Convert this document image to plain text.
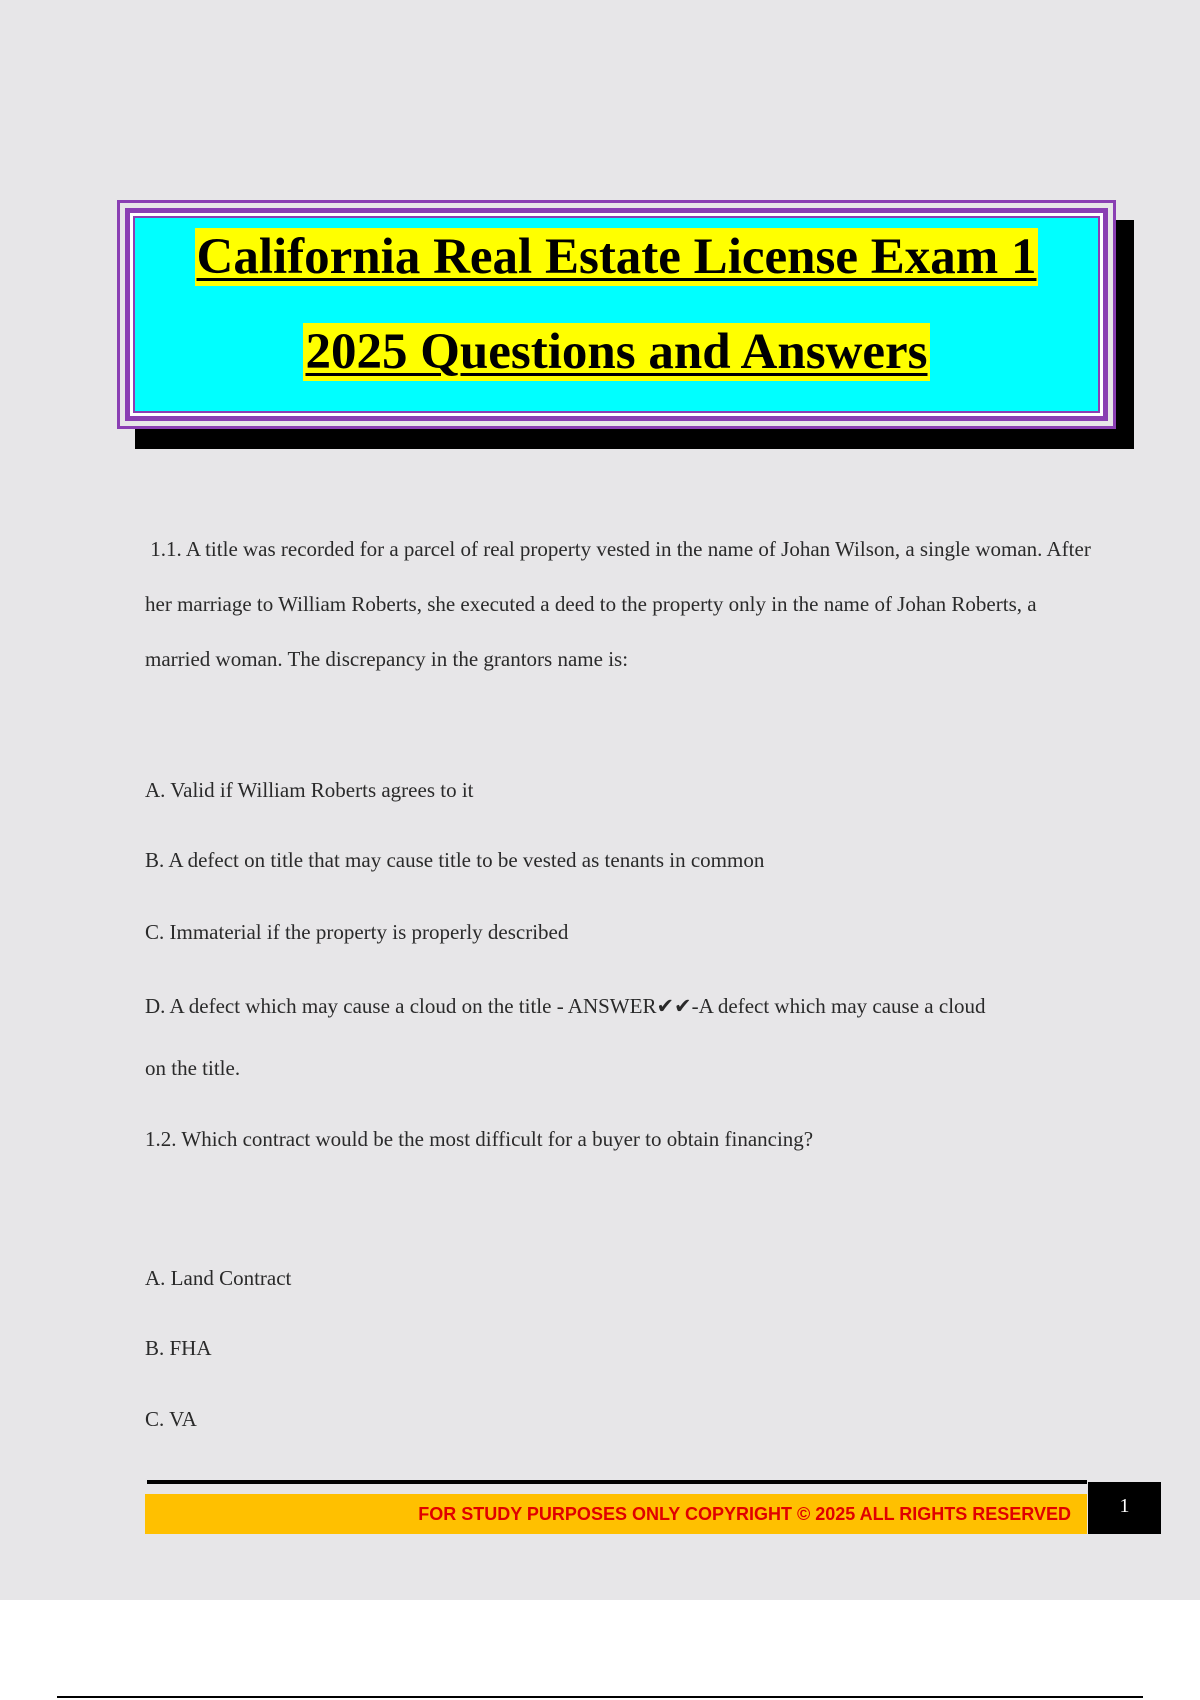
California Real Estate License Exam 1
2025 Questions and Answers
1.1. A title was recorded for a parcel of real property vested in the name of Johan Wilson, a single woman. After her marriage to William Roberts, she executed a deed to the property only in the name of Johan Roberts, a married woman. The discrepancy in the grantors name is:
A. Valid if William Roberts agrees to it
B. A defect on title that may cause title to be vested as tenants in common
C. Immaterial if the property is properly described
D. A defect which may cause a cloud on the title - ANSWER✔✔-A defect which may cause a cloud
on the title.
1.2. Which contract would be the most difficult for a buyer to obtain financing?
A. Land Contract
B. FHA
C. VA
FOR STUDY PURPOSES ONLY COPYRIGHT © 2025 ALL RIGHTS RESERVED	1
